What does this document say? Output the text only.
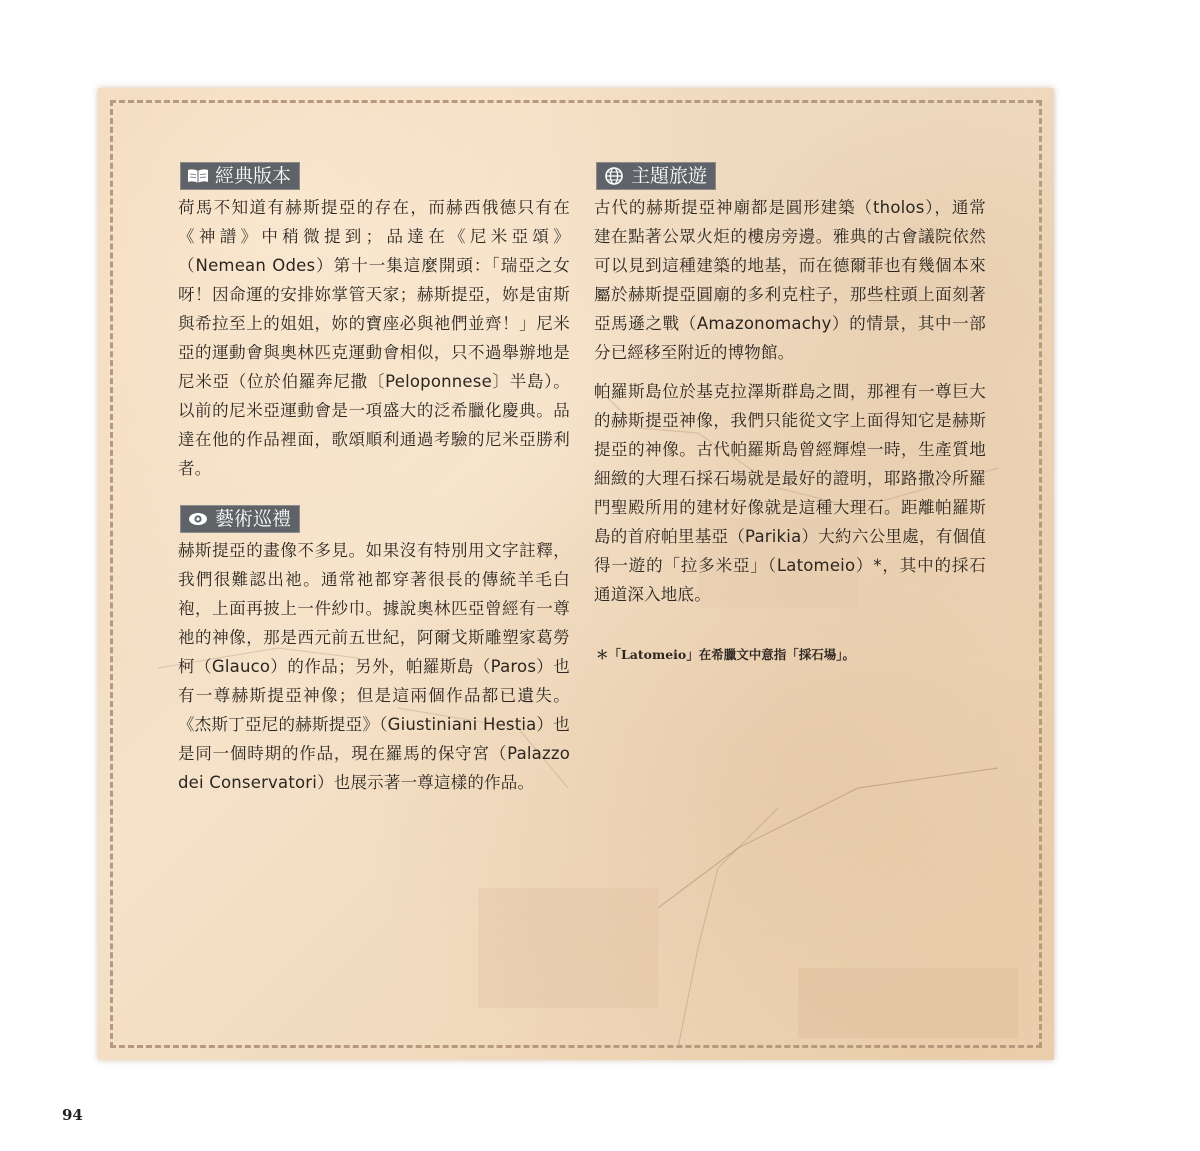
經典版本

荷馬不知道有赫斯提亞的存在，而赫西俄德只有在《神譜》中稍微提到；品達在《尼米亞頌》（Nemean Odes）第十一集這麼開頭：「瑞亞之女呀！因命運的安排妳掌管天家；赫斯提亞，妳是宙斯與希拉至上的姐姐，妳的寶座必與祂們並齊！」尼米亞的運動會與奧林匹克運動會相似，只不過舉辦地是尼米亞（位於伯羅奔尼撒〔Peloponnese〕半島）。以前的尼米亞運動會是一項盛大的泛希臘化慶典。品達在他的作品裡面，歌頌順利通過考驗的尼米亞勝利者。

藝術巡禮

赫斯提亞的畫像不多見。如果沒有特別用文字註釋，我們很難認出祂。通常祂都穿著很長的傳統羊毛白袍，上面再披上一件紗巾。據說奧林匹亞曾經有一尊祂的神像，那是西元前五世紀，阿爾戈斯雕塑家葛勞柯（Glauco）的作品；另外，帕羅斯島（Paros）也有一尊赫斯提亞神像；但是這兩個作品都已遺失。《杰斯丁亞尼的赫斯提亞》（Giustiniani Hestia）也是同一個時期的作品，現在羅馬的保守宮（Palazzo dei Conservatori）也展示著一尊這樣的作品。

主題旅遊

古代的赫斯提亞神廟都是圓形建築（tholos），通常建在點著公眾火炬的樓房旁邊。雅典的古會議院依然可以見到這種建築的地基，而在德爾菲也有幾個本來屬於赫斯提亞圓廟的多利克柱子，那些柱頭上面刻著亞馬遜之戰（Amazonomachy）的情景，其中一部分已經移至附近的博物館。

帕羅斯島位於基克拉澤斯群島之間，那裡有一尊巨大的赫斯提亞神像，我們只能從文字上面得知它是赫斯提亞的神像。古代帕羅斯島曾經輝煌一時，生產質地細緻的大理石採石場就是最好的證明，耶路撒冷所羅門聖殿所用的建材好像就是這種大理石。距離帕羅斯島的首府帕里基亞（Parikia）大約六公里處，有個值得一遊的「拉多米亞」（Latomeio）*，其中的採石通道深入地底。

＊「Latomeio」在希臘文中意指「採石場」。
94
